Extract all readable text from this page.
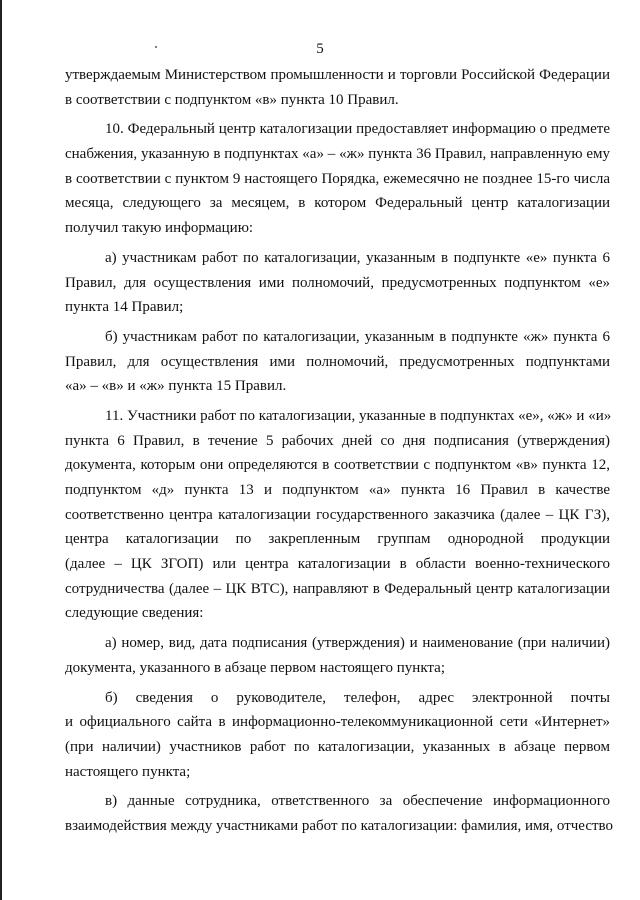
5
утверждаемым Министерством промышленности и торговли Российской Федерации
в соответствии с подпунктом «в» пункта 10 Правил.
10. Федеральный центр каталогизации предоставляет информацию о предмете
снабжения, указанную в подпунктах «а» – «ж» пункта 36 Правил, направленную ему
в соответствии с пунктом 9 настоящего Порядка, ежемесячно не позднее 15-го числа
месяца, следующего за месяцем, в котором Федеральный центр каталогизации
получил такую информацию:
а) участникам работ по каталогизации, указанным в подпункте «е» пункта 6
Правил, для осуществления ими полномочий, предусмотренных подпунктом «е»
пункта 14 Правил;
б) участникам работ по каталогизации, указанным в подпункте «ж» пункта 6
Правил, для осуществления ими полномочий, предусмотренных подпунктами
«а» – «в» и «ж» пункта 15 Правил.
11. Участники работ по каталогизации, указанные в подпунктах «е», «ж» и «и»
пункта 6 Правил, в течение 5 рабочих дней со дня подписания (утверждения)
документа, которым они определяются в соответствии с подпунктом «в» пункта 12,
подпунктом «д» пункта 13 и подпунктом «а» пункта 16 Правил в качестве
соответственно центра каталогизации государственного заказчика (далее – ЦК ГЗ),
центра каталогизации по закрепленным группам однородной продукции
(далее – ЦК ЗГОП) или центра каталогизации в области военно-технического
сотрудничества (далее – ЦК ВТС), направляют в Федеральный центр каталогизации
следующие сведения:
а) номер, вид, дата подписания (утверждения) и наименование (при наличии)
документа, указанного в абзаце первом настоящего пункта;
б) сведения о руководителе, телефон, адрес электронной почты
и официального сайта в информационно-телекоммуникационной сети «Интернет»
(при наличии) участников работ по каталогизации, указанных в абзаце первом
настоящего пункта;
в) данные сотрудника, ответственного за обеспечение информационного
взаимодействия между участниками работ по каталогизации: фамилия, имя, отчество
